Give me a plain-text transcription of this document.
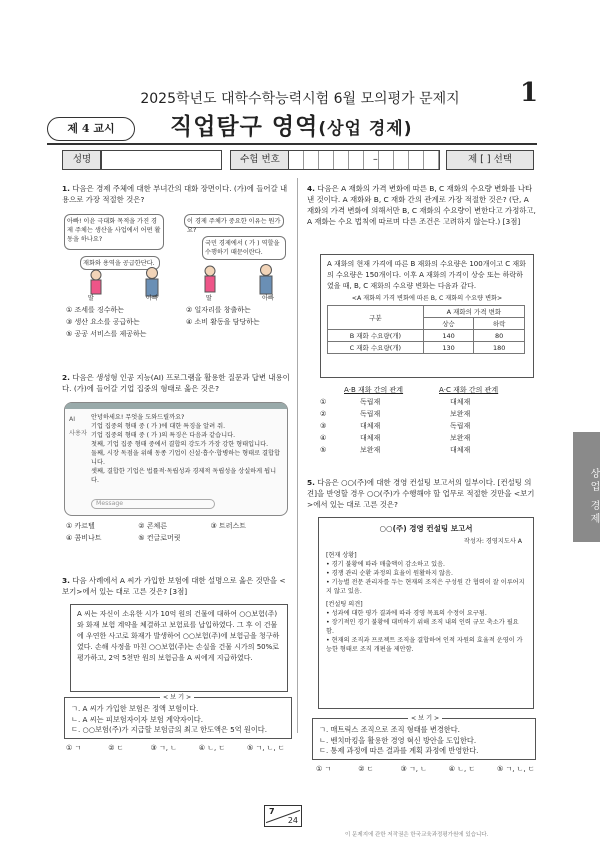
2025학년도 대학수학능력시험 6월 모의평가 문제지	1
제 4 교시	직업탐구 영역(상업 경제)
성명	수험 번호	–	제 [ ] 선택
1. 다음은 경제 주체에 대한 부녀간의 대화 장면이다. (가)에 들어갈 내용으로 가장 적절한 것은?
아빠! 이윤 극대화 목적을 가진 경제 주체는 생산을 사업에서 어떤 활동을 하나요?
재화와 용역을 공급한단다.
이 경제 주체가 중요한 이유는 뭔가요?
국민 경제에서 ( 가 ) 역할을 수행하기 때문이란다.
딸	아빠	딸	아빠
① 조세를 징수하는
③ 생산 요소를 공급하는
⑤ 공공 서비스를 제공하는
② 일자리를 창출하는
④ 소비 활동을 담당하는
2. 다음은 생성형 인공 지능(AI) 프로그램을 활용한 질문과 답변 내용이다. (가)에 들어갈 기업 집중의 형태로 옳은 것은?
AI
사용자
안녕하세요! 무엇을 도와드릴까요?
기업 집중의 형태 중 ( 가 )에 대한 특징을 알려 줘.
기업 집중의 형태 중 ( 가 )의 특징은 다음과 같습니다.
첫째, 기업 집중 형태 중에서 결합의 강도가 가장 강한 형태입니다.
둘째, 시장 독점을 위해 동종 기업이 신설·흡수·합병하는 형태로 결합합니다.
셋째, 결합한 기업은 법률적·독립성과 경제적 독립성을 상실하게 됩니다.
Message
① 카르텔	② 콘체른	③ 트러스트
④ 콤비나트	⑤ 컨글로머릿
3. 다음 사례에서 A 씨가 가입한 보험에 대한 설명으로 옳은 것만을 <보기>에서 있는 대로 고른 것은? [3점]
A 씨는 자신이 소유한 시가 10억 원의 건물에 대하여 ○○보험(주)와 화재 보험 계약을 체결하고 보험료를 납입하였다. 그 후 이 건물에 우연한 사고로 화재가 발생하여 ○○보험(주)에 보험금을 청구하였다. 손해 사정을 마친 ○○보험(주)는 손실을 건물 시가의 50%로 평가하고, 2억 5천만 원의 보험금을 A 씨에게 지급하였다.
< 보 기 >
ㄱ. A 씨가 가입한 보험은 정액 보험이다.
ㄴ. A 씨는 피보험자이자 보험 계약자이다.
ㄷ. ○○보험(주)가 지급할 보험금의 최고 한도액은 5억 원이다.
① ㄱ	② ㄷ	③ ㄱ, ㄴ	④ ㄴ, ㄷ	⑤ ㄱ, ㄴ, ㄷ
4. 다음은 A 재화의 가격 변화에 따른 B, C 재화의 수요량 변화를 나타낸 것이다. A 재화와 B, C 재화 간의 관계로 가장 적절한 것은? (단, A 재화의 가격 변화에 의해서만 B, C 재화의 수요량이 변한다고 가정하고, A 재화는 수요 법칙에 따르며 다른 조건은 고려하지 않는다.) [3점]
A 재화의 현재 가격에 따른 B 재화의 수요량은 100개이고 C 재화의 수요량은 150개이다. 이후 A 재화의 가격이 상승 또는 하락하였을 때, B, C 재화의 수요량 변화는 다음과 같다.
<A 재화의 가격 변화에 따른 B, C 재화의 수요량 변화>
구분	A 재화의 가격 변화	
	상승	하락
B 재화 수요량(개)	140	80
C 재화 수요량(개)	130	180
A·B 재화 간의 관계	A·C 재화 간의 관계
①	독립재	대체재
②	독립재	보완재
③	대체재	독립재
④	대체재	보완재
⑤	보완재	대체재
5. 다음은 ○○(주)에 대한 경영 컨설팅 보고서의 일부이다. [컨설팅 의견]을 반영할 경우 ○○(주)가 수행해야 할 업무로 적절한 것만을 <보기>에서 있는 대로 고른 것은?
○○(주) 경영 컨설팅 보고서
작성자: 경영지도사 A
[현재 상황]
• 경기 불황에 따라 매출액이 감소하고 있음.
• 경쟁 관리 순환 과정의 효율이 원활하지 않음.
• 기능별 전문 관리자를 두는 현재의 조직은 구성원 간 협력이 잘 이루어지지 않고 있음.
[컨설팅 의견]
• 성과에 대한 평가 결과에 따라 경영 목표의 수정이 요구됨.
• 장기적인 경기 불황에 대비하기 위해 조직 내의 인력 규모 축소가 필요함.
• 현재의 조직과 프로젝트 조직을 결합하여 인적 자원의 효율적 운영이 가능한 형태로 조직 개편을 제안함.
< 보 기 >
ㄱ. 매트릭스 조직으로 조직 형태를 변경한다.
ㄴ. 벤치마킹을 활용한 경영 혁신 방안을 도입한다.
ㄷ. 통제 과정에 따른 결과를 계획 과정에 반영한다.
① ㄱ	② ㄷ	③ ㄱ, ㄴ	④ ㄴ, ㄷ	⑤ ㄱ, ㄴ, ㄷ
상업 경제
7
24
이 문제지에 관한 저작권은 한국교육과정평가원에 있습니다.
